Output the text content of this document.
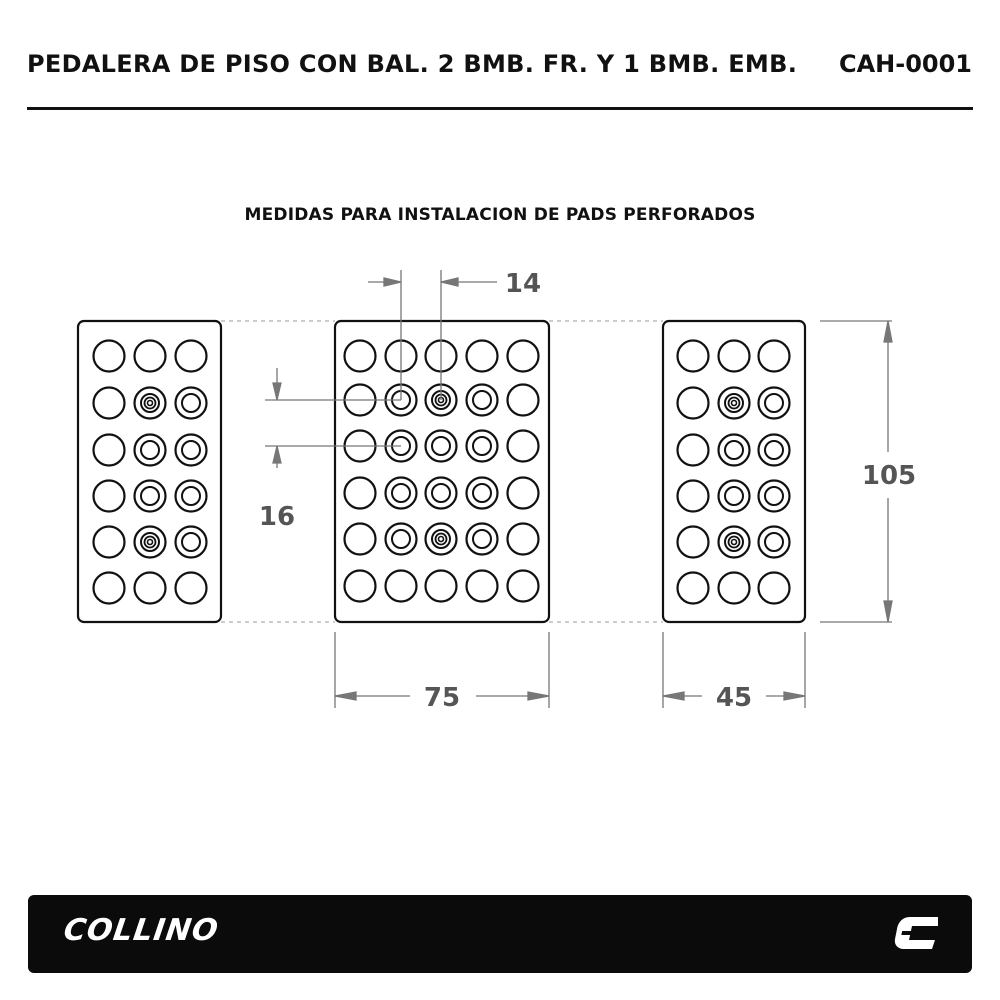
PEDALERA DE PISO CON BAL. 2 BMB. FR. Y 1 BMB. EMB. CAH-0001
MEDIDAS PARA INSTALACION DE PADS PERFORADOS
14
16
105
75	45
COLLINO
